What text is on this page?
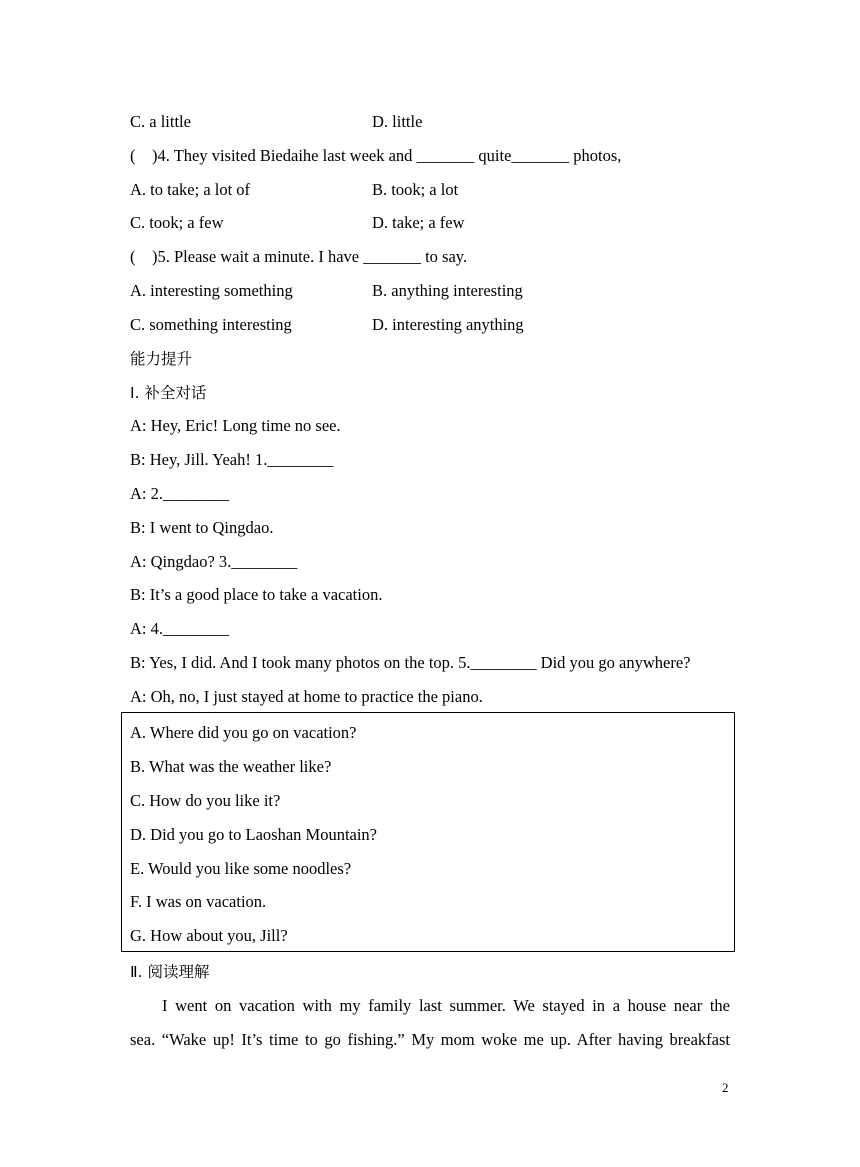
C. a little	D. little
(    )4. They visited Biedaihe last week and _______ quite_______ photos,
A. to take; a lot of	B. took; a lot
C. took; a few	D. take; a few
(    )5. Please wait a minute. I have _______ to say.
A. interesting something	B. anything interesting
C. something interesting	D. interesting anything
能力提升
Ⅰ. 补全对话
A: Hey, Eric! Long time no see.
B: Hey, Jill. Yeah! 1.________
A: 2.________
B: I went to Qingdao.
A: Qingdao? 3.________
B: It’s a good place to take a vacation.
A: 4.________
B: Yes, I did. And I took many photos on the top. 5.________ Did you go anywhere?
A: Oh, no, I just stayed at home to practice the piano.
A. Where did you go on vacation?
B. What was the weather like?
C. How do you like it?
D. Did you go to Laoshan Mountain?
E. Would you like some noodles?
F. I was on vacation.
G. How about you, Jill?
Ⅱ. 阅读理解
I went on vacation with my family last summer. We stayed in a house near the
sea. “Wake up! It’s time to go fishing.” My mom woke me up. After having breakfast
2
